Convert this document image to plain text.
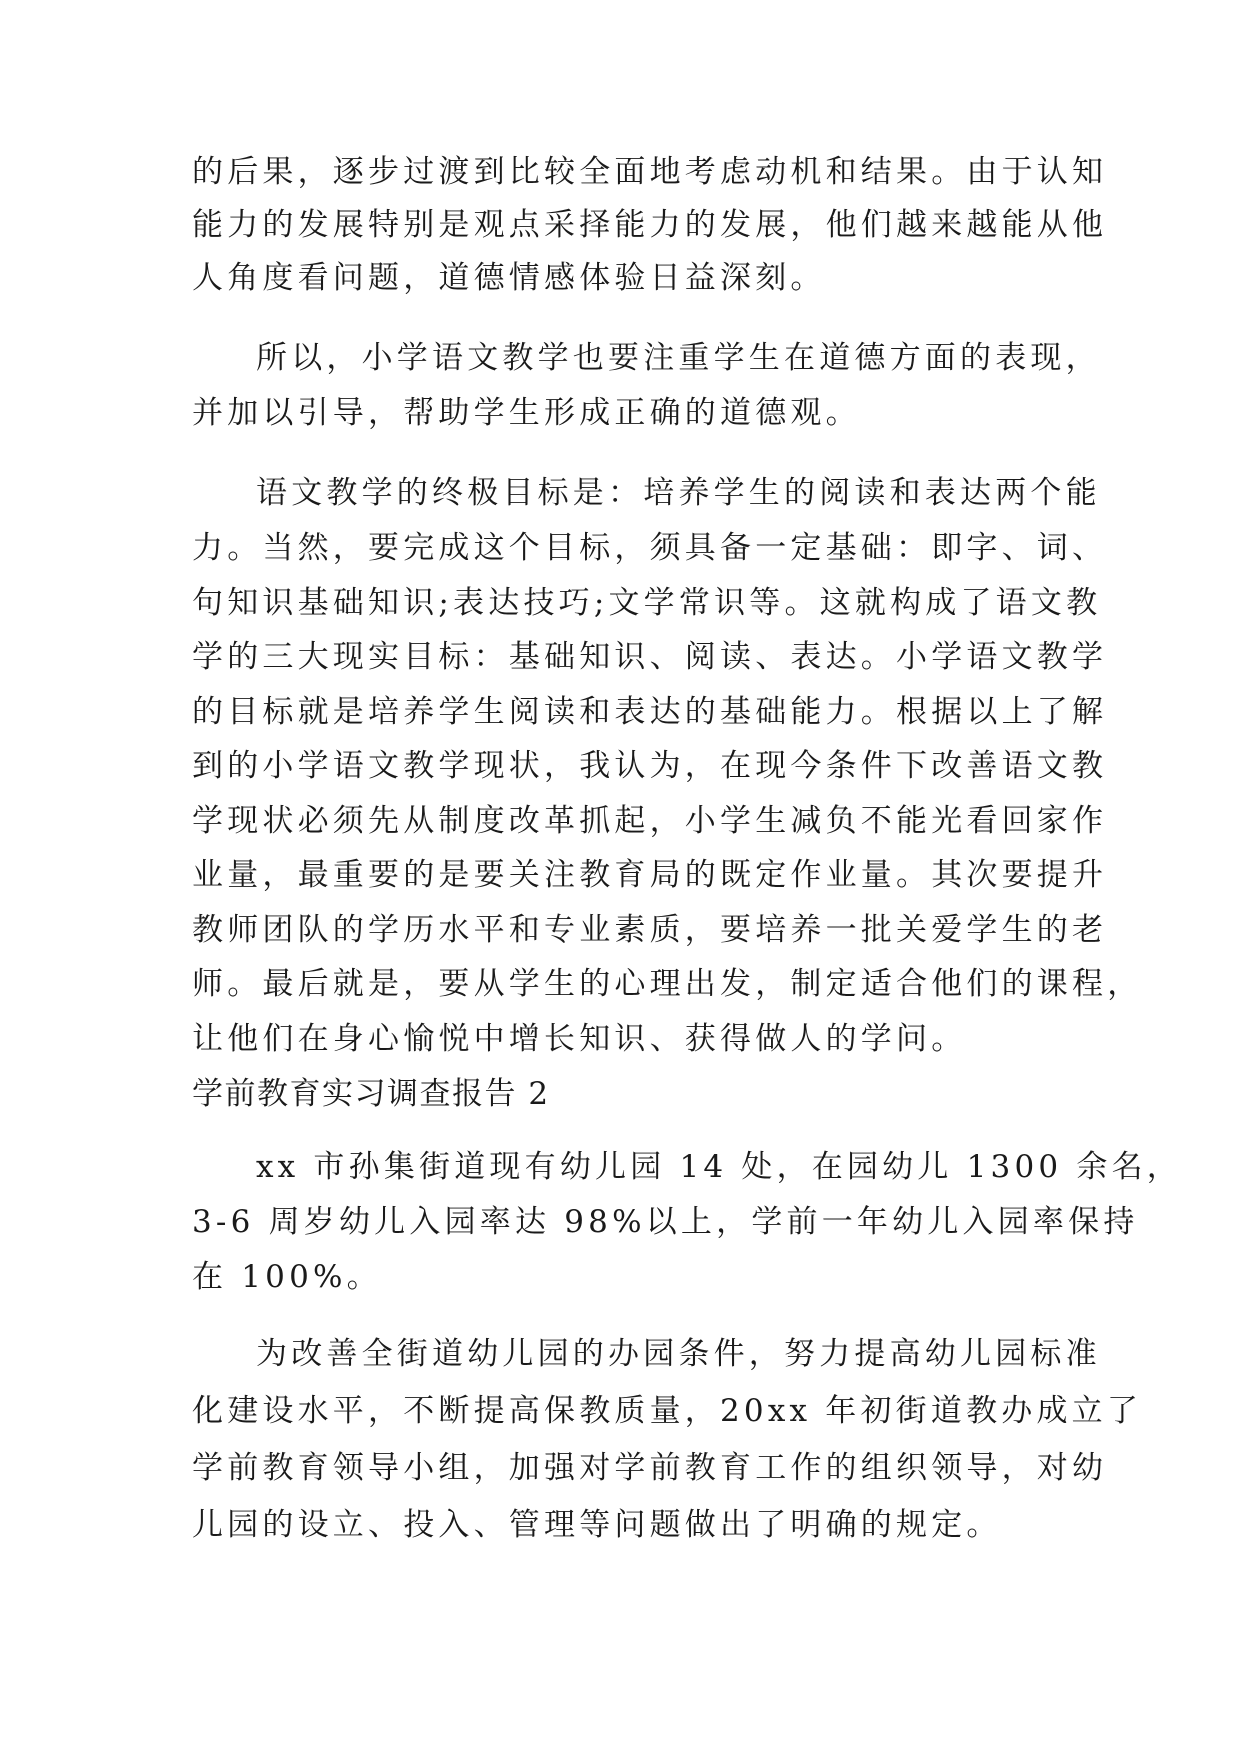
的后果，逐步过渡到比较全面地考虑动机和结果。由于认知
能力的发展特别是观点采择能力的发展，他们越来越能从他
人角度看问题，道德情感体验日益深刻。
所以，小学语文教学也要注重学生在道德方面的表现，
并加以引导，帮助学生形成正确的道德观。
语文教学的终极目标是：培养学生的阅读和表达两个能
力。当然，要完成这个目标，须具备一定基础：即字、词、
句知识基础知识;表达技巧;文学常识等。这就构成了语文教
学的三大现实目标：基础知识、阅读、表达。小学语文教学
的目标就是培养学生阅读和表达的基础能力。根据以上了解
到的小学语文教学现状，我认为，在现今条件下改善语文教
学现状必须先从制度改革抓起，小学生减负不能光看回家作
业量，最重要的是要关注教育局的既定作业量。其次要提升
教师团队的学历水平和专业素质，要培养一批关爱学生的老
师。最后就是，要从学生的心理出发，制定适合他们的课程，
让他们在身心愉悦中增长知识、获得做人的学问。
学前教育实习调查报告 2
xx 市孙集街道现有幼儿园 14 处，在园幼儿 1300 余名，
3-6 周岁幼儿入园率达 98%以上，学前一年幼儿入园率保持
在 100%。
为改善全街道幼儿园的办园条件，努力提高幼儿园标准
化建设水平，不断提高保教质量，20xx 年初街道教办成立了
学前教育领导小组，加强对学前教育工作的组织领导，对幼
儿园的设立、投入、管理等问题做出了明确的规定。
